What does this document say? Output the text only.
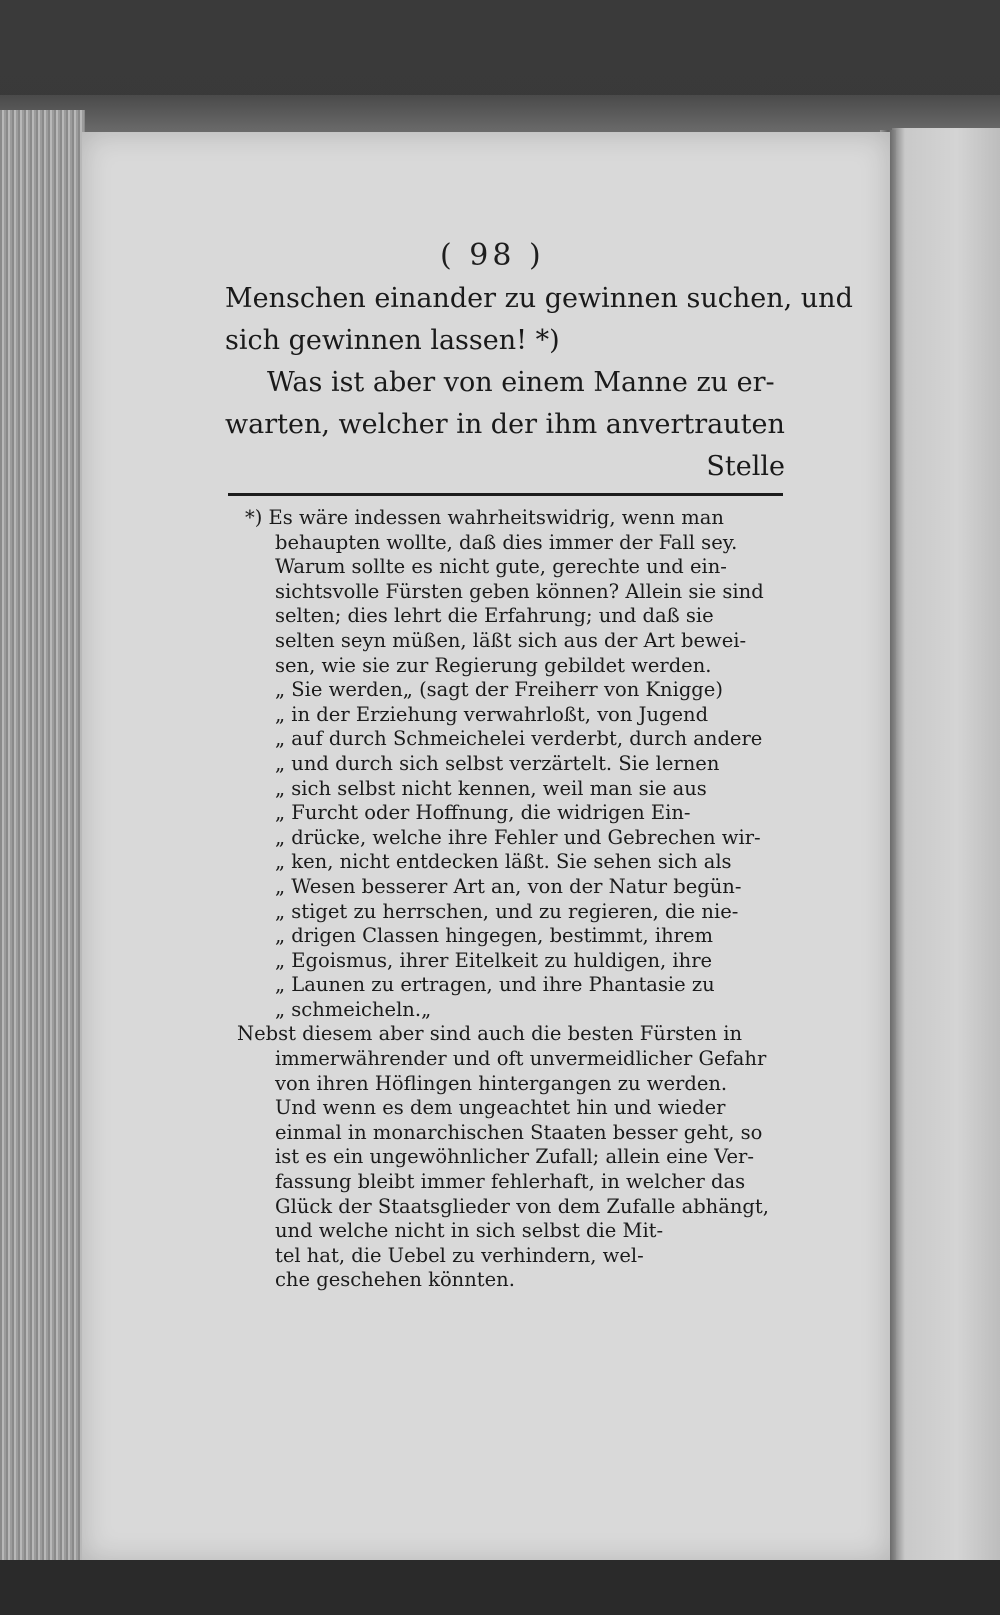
( 98 )
Menschen einander zu gewinnen suchen, und
sich gewinnen lassen! *)
Was ist aber von einem Manne zu er-
warten, welcher in der ihm anvertrauten
Stelle
*) Es wäre indessen wahrheitswidrig, wenn man
behaupten wollte, daß dies immer der Fall sey.
Warum sollte es nicht gute, gerechte und ein-
sichtsvolle Fürsten geben können? Allein sie sind
selten; dies lehrt die Erfahrung; und daß sie
selten seyn müßen, läßt sich aus der Art bewei-
sen, wie sie zur Regierung gebildet werden.
„ Sie werden„ (sagt der Freiherr von Knigge)
„ in der Erziehung verwahrloßt, von Jugend
„ auf durch Schmeichelei verderbt, durch andere
„ und durch sich selbst verzärtelt. Sie lernen
„ sich selbst nicht kennen, weil man sie aus
„ Furcht oder Hoffnung, die widrigen Ein-
„ drücke, welche ihre Fehler und Gebrechen wir-
„ ken, nicht entdecken läßt. Sie sehen sich als
„ Wesen besserer Art an, von der Natur begün-
„ stiget zu herrschen, und zu regieren, die nie-
„ drigen Classen hingegen, bestimmt, ihrem
„ Egoismus, ihrer Eitelkeit zu huldigen, ihre
„ Launen zu ertragen, und ihre Phantasie zu
„ schmeicheln.„
Nebst diesem aber sind auch die besten Fürsten in
immerwährender und oft unvermeidlicher Gefahr
von ihren Höflingen hintergangen zu werden.
Und wenn es dem ungeachtet hin und wieder
einmal in monarchischen Staaten besser geht, so
ist es ein ungewöhnlicher Zufall; allein eine Ver-
fassung bleibt immer fehlerhaft, in welcher das
Glück der Staatsglieder von dem Zufalle abhängt,
und welche nicht in sich selbst die Mit-
tel hat, die Uebel zu verhindern, wel-
che geschehen könnten.
